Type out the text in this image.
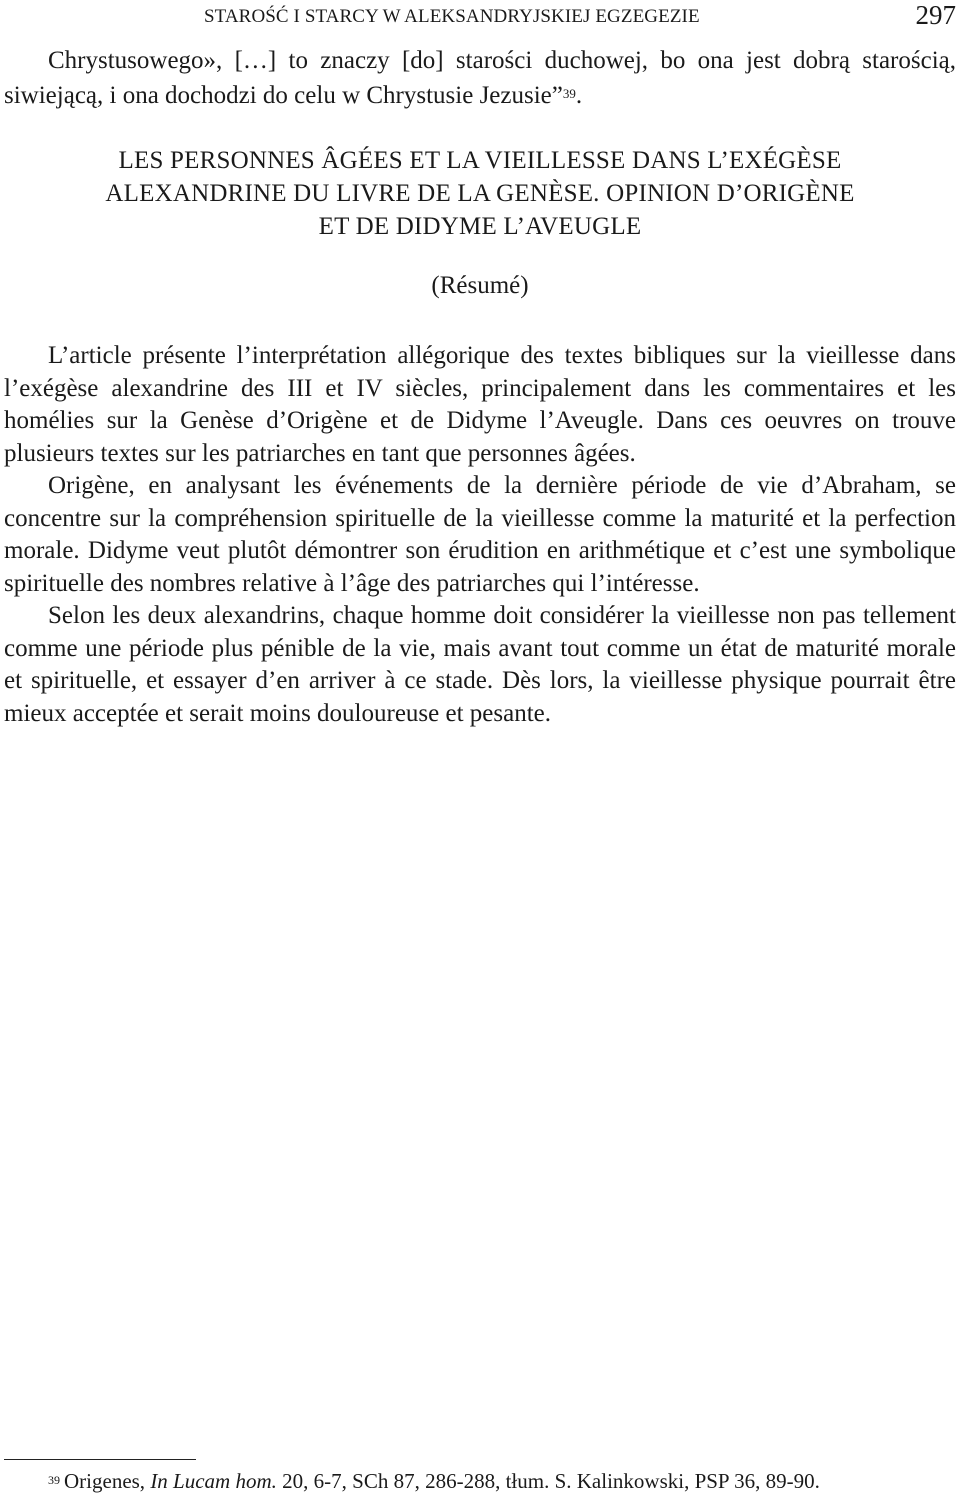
STAROŚĆ I STARCY W ALEKSANDRYJSKIEJ EGZEGEZIE	297

Chrystusowego», […] to znaczy [do] starości duchowej, bo ona jest dobrą starością, siwiejącą, i ona dochodzi do celu w Chrystusie Jezusie”$^{39}$.

LES PERSONNES ÂGÉES ET LA VIEILLESSE DANS L’EXÉGÈSE
ALEXANDRINE DU LIVRE DE LA GENÈSE. OPINION D’ORIGÈNE
ET DE DIDYME L’AVEUGLE
(Résumé)

L’article présente l’interprétation allégorique des textes bibliques sur la vieillesse dans l’exégèse alexandrine des III et IV siècles, principalement dans les commentaires et les homélies sur la Genèse d’Origène et de Didyme l’Aveugle. Dans ces oeuvres on trouve plusieurs textes sur les patriarches en tant que personnes âgées.

Origène, en analysant les événements de la dernière période de vie d’Abraham, se concentre sur la compréhension spirituelle de la vieillesse comme la maturité et la perfection morale. Didyme veut plutôt démontrer son érudition en arithmétique et c’est une symbolique spirituelle des nombres relative à l’âge des patriarches qui l’intéresse.

Selon les deux alexandrins, chaque homme doit considérer la vieillesse non pas tellement comme une période plus pénible de la vie, mais avant tout comme un état de maturité morale et spirituelle, et essayer d’en arriver à ce stade. Dès lors, la vieillesse physique pourrait être mieux acceptée et serait moins douloureuse et pesante.

$^{39}$ Origenes, In Lucam hom. 20, 6-7, SCh 87, 286-288, tłum. S. Kalinkowski, PSP 36, 89-90.
